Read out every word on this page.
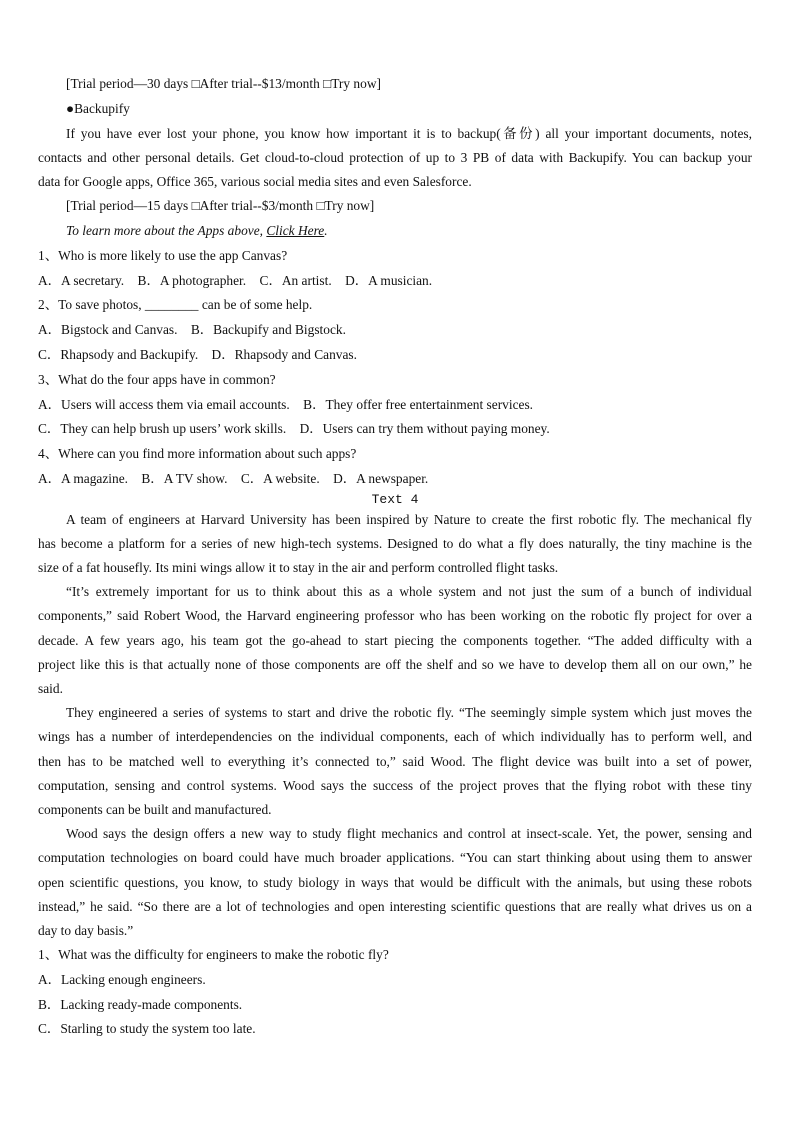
[Trial period—30 days □After trial--$13/month □Try now]
●Backupify
If you have ever lost your phone, you know how important it is to backup(备份) all your important documents, notes,
contacts and other personal details. Get cloud-to-cloud protection of up to 3 PB of data with Backupify. You can backup your
data for Google apps, Office 365, various social media sites and even Salesforce.
[Trial period—15 days □After trial--$3/month □Try now]
To learn more about the Apps above, Click Here.
1、Who is more likely to use the app Canvas?
A．A secretary.    B．A photographer.    C．An artist.    D．A musician.
2、To save photos, ________ can be of some help.
A．Bigstock and Canvas.    B．Backupify and Bigstock.
C．Rhapsody and Backupify.    D．Rhapsody and Canvas.
3、What do the four apps have in common?
A．Users will access them via email accounts.    B．They offer free entertainment services.
C．They can help brush up users’ work skills.    D．Users can try them without paying money.
4、Where can you find more information about such apps?
A．A magazine.    B．A TV show.    C．A website.    D．A newspaper.
Text 4
A team of engineers at Harvard University has been inspired by Nature to create the first robotic fly. The mechanical fly
has become a platform for a series of new high-tech systems. Designed to do what a fly does naturally, the tiny machine is the
size of a fat housefly. Its mini wings allow it to stay in the air and perform controlled flight tasks.
“It’s extremely important for us to think about this as a whole system and not just the sum of a bunch of individual
components,” said Robert Wood, the Harvard engineering professor who has been working on the robotic fly project for over a
decade. A few years ago, his team got the go-ahead to start piecing the components together. “The added difficulty with a
project like this is that actually none of those components are off the shelf and so we have to develop them all on our own,” he
said.
They engineered a series of systems to start and drive the robotic fly. “The seemingly simple system which just moves the
wings has a number of interdependencies on the individual components, each of which individually has to perform well, and
then has to be matched well to everything it’s connected to,” said Wood. The flight device was built into a set of power,
computation, sensing and control systems. Wood says the success of the project proves that the flying robot with these tiny
components can be built and manufactured.
Wood says the design offers a new way to study flight mechanics and control at insect-scale. Yet, the power, sensing and
computation technologies on board could have much broader applications. “You can start thinking about using them to answer
open scientific questions, you know, to study biology in ways that would be difficult with the animals, but using these robots
instead,” he said. “So there are a lot of technologies and open interesting scientific questions that are really what drives us on a
day to day basis.”
1、What was the difficulty for engineers to make the robotic fly?
A．Lacking enough engineers.
B．Lacking ready-made components.
C．Starling to study the system too late.
